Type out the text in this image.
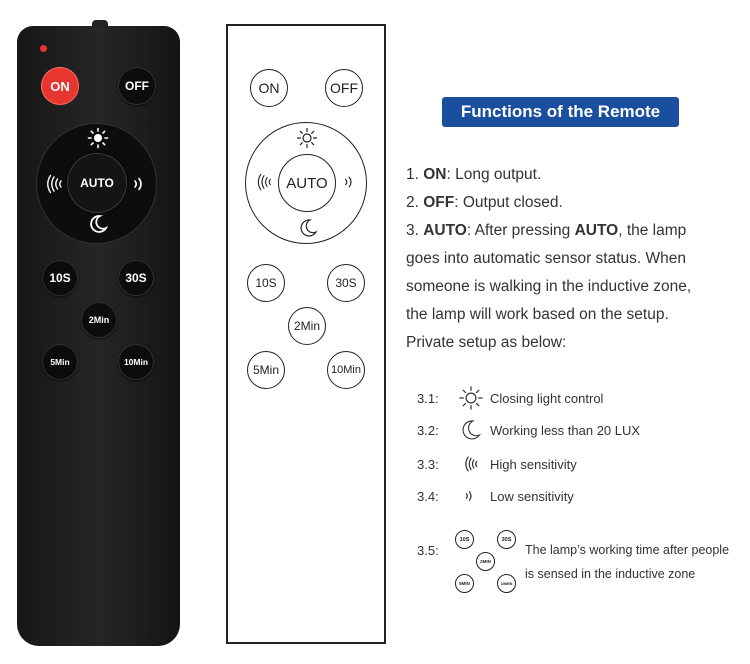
ON	OFF
AUTO
10S	30S
2Min
5Min	10Min
ON	OFF
AUTO
10S	30S
2Min
5Min	10Min
Functions of the Remote
1. ON: Long output.
2. OFF: Output closed.
3. AUTO: After pressing AUTO, the lamp
goes into automatic sensor status. When
someone is walking in the inductive zone,
the lamp will work based on the setup.
Private setup as below:
3.1:	Closing light control
3.2:	Working less than 20 LUX
3.3:	High sensitivity
3.4:	Low sensitivity
3.5:
10S	30S
2MIN
5MIN	10MIN
The lamp’s working time after people
is sensed in the inductive zone
